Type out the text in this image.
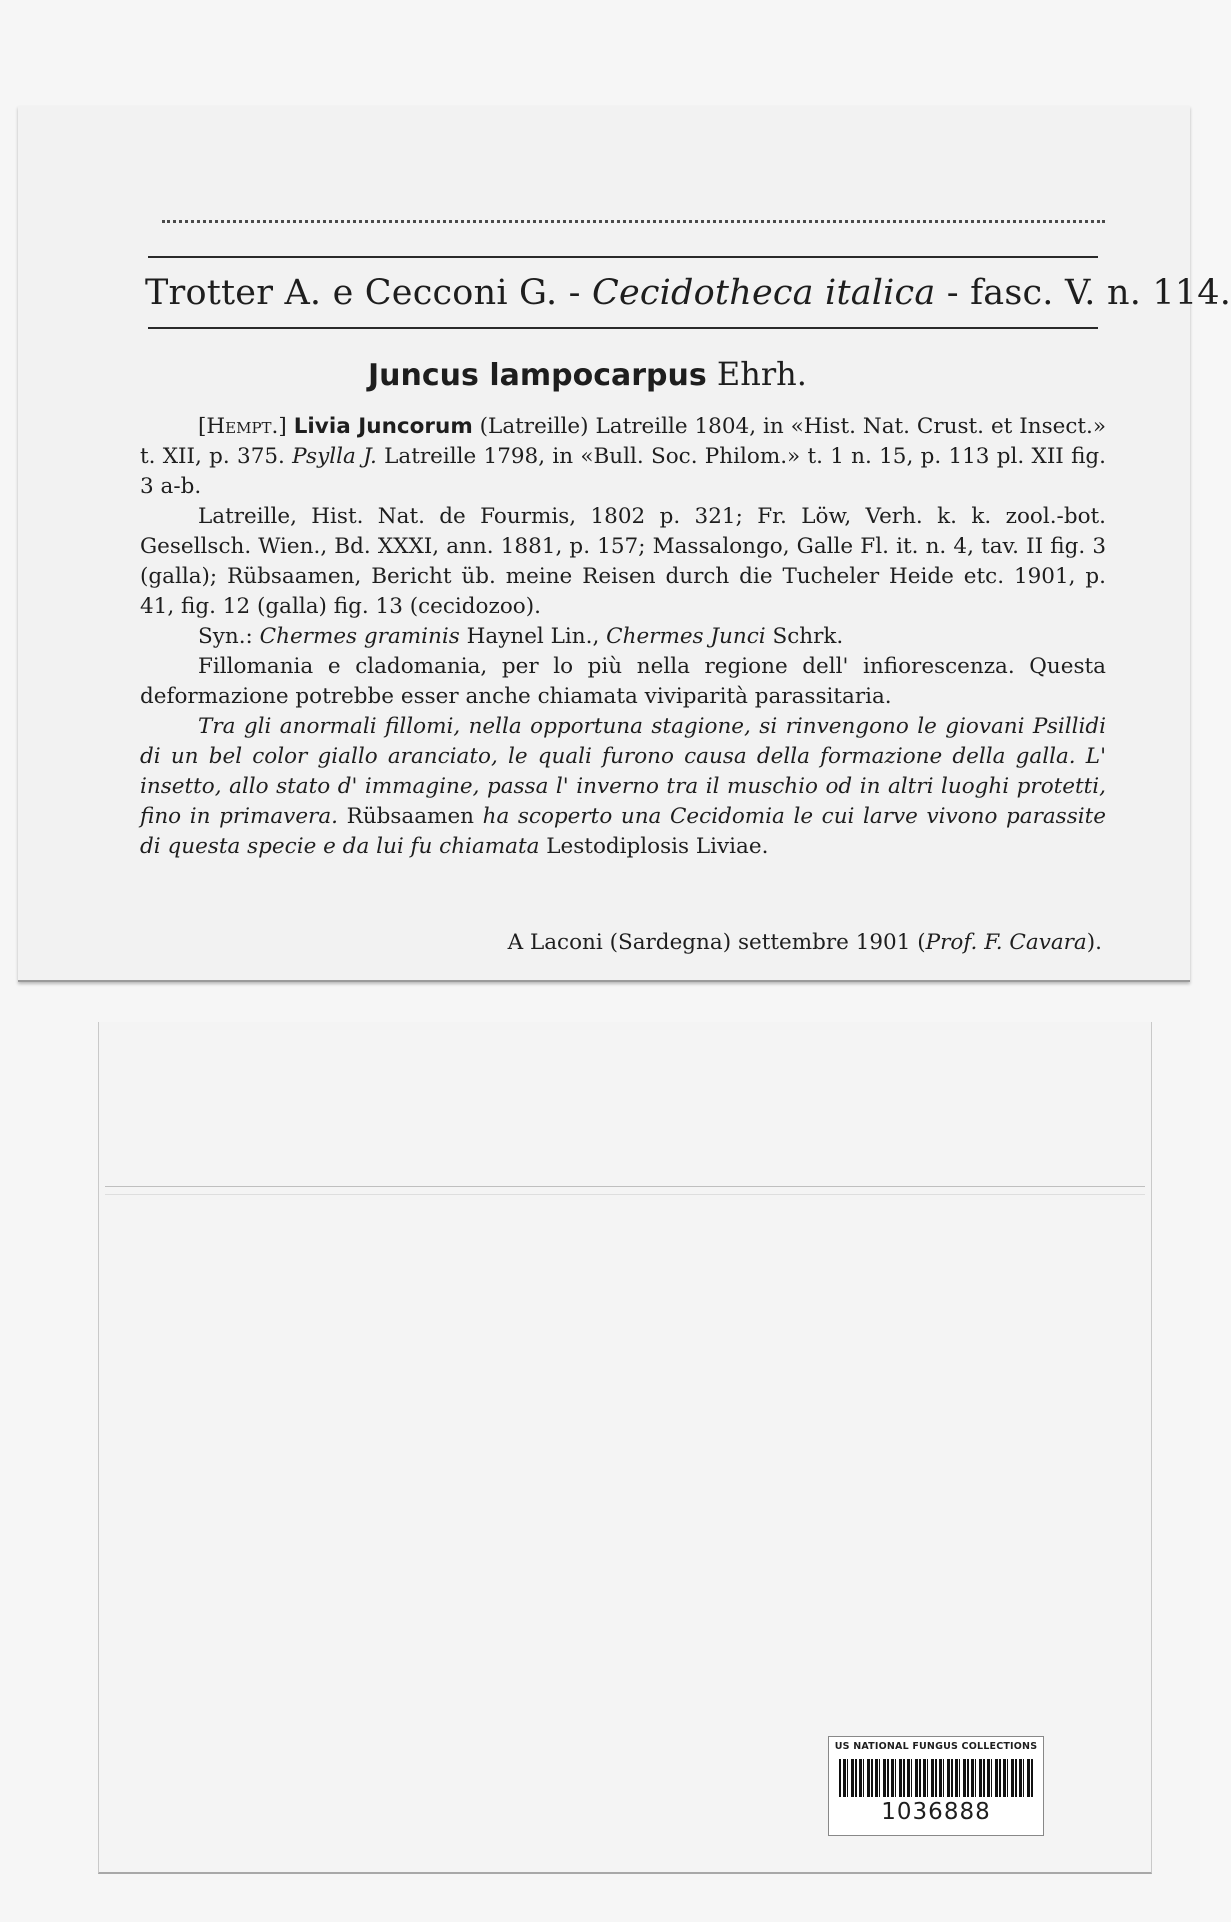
Trotter A. e Cecconi G. - Cecidotheca italica - fasc. V. n. 114.
Juncus lampocarpus Ehrh.

[Hempt.] Livia Juncorum (Latreille) Latreille 1804, in «Hist. Nat. Crust. et Insect.» t. XII, p. 375. Psylla J. Latreille 1798, in «Bull. Soc. Philom.» t. 1 n. 15, p. 113 pl. XII fig. 3 a-b.

Latreille, Hist. Nat. de Fourmis, 1802 p. 321; Fr. Löw, Verh. k. k. zool.-bot. Gesellsch. Wien., Bd. XXXI, ann. 1881, p. 157; Massalongo, Galle Fl. it. n. 4, tav. II fig. 3 (galla); Rübsaamen, Bericht üb. meine Reisen durch die Tucheler Heide etc. 1901, p. 41, fig. 12 (galla) fig. 13 (cecidozoo).

Syn.: Chermes graminis Haynel Lin., Chermes Junci Schrk.

Fillomania e cladomania, per lo più nella regione dell' infiorescenza. Questa deformazione potrebbe esser anche chiamata viviparità parassitaria.

Tra gli anormali fillomi, nella opportuna stagione, si rinvengono le giovani Psillidi di un bel color giallo aranciato, le quali furono causa della formazione della galla. L' insetto, allo stato d' immagine, passa l' inverno tra il muschio od in altri luoghi protetti, fino in primavera. Rübsaamen ha scoperto una Cecidomia le cui larve vivono parassite di questa specie e da lui fu chiamata Lestodiplosis Liviae.

A Laconi (Sardegna) settembre 1901 (Prof. F. Cavara).
US NATIONAL FUNGUS COLLECTIONS
1036888
